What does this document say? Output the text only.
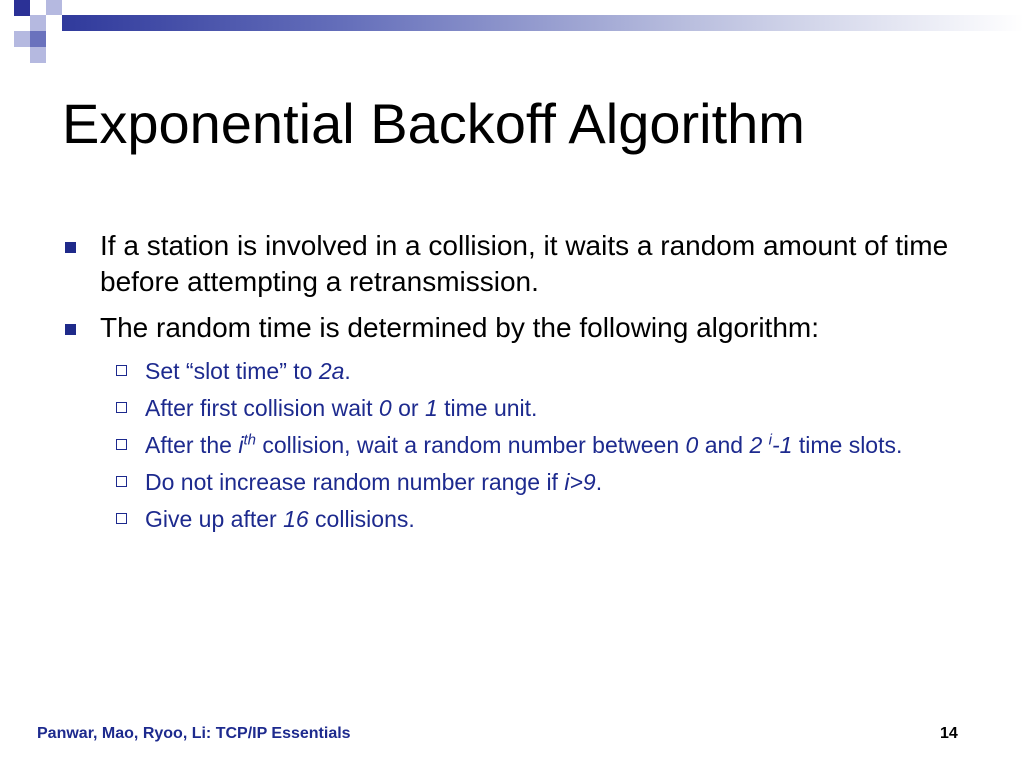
Exponential Backoff Algorithm
If a station is involved in a collision, it waits a random amount of time before attempting a retransmission.
The random time is determined by the following algorithm:
Set “slot time” to 2a.
After first collision wait 0 or 1 time unit.
After the $i^{th}$ collision, wait a random number between 0 and 2 $^i$-1 time slots.
Do not increase random number range if i>9.
Give up after 16 collisions.
Panwar, Mao, Ryoo, Li: TCP/IP Essentials	14
